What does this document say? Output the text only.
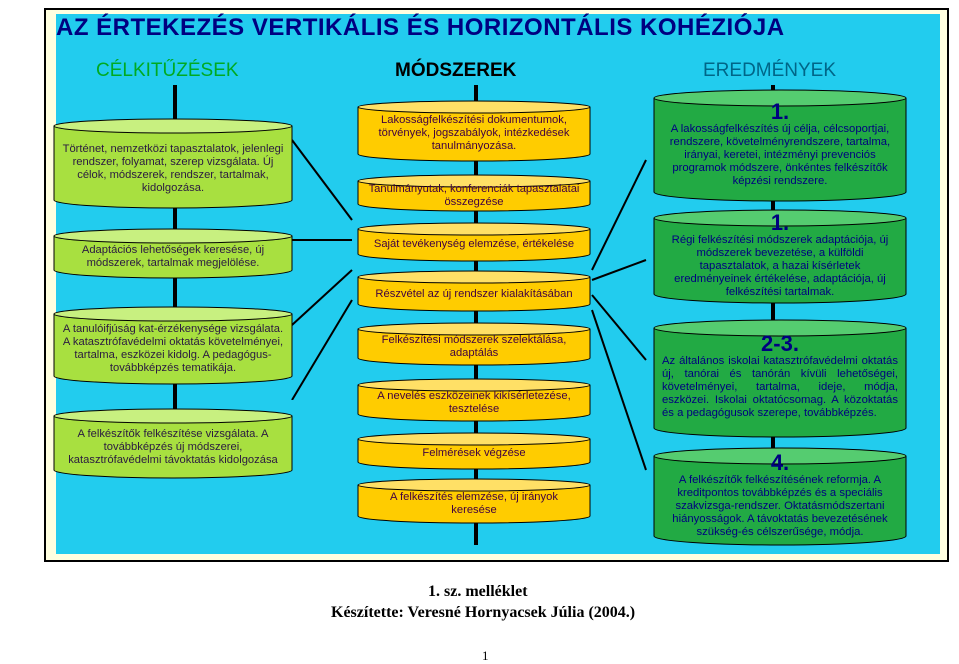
AZ ÉRTEKEZÉS VERTIKÁLIS ÉS HORIZONTÁLIS KOHÉZIÓJA
CÉLKITŰZÉSEK	MÓDSZEREK	EREDMÉNYEK
Történet, nemzetközi tapasztalatok, jelenlegi rendszer, folyamat, szerep vizsgálata. Új célok, módszerek, rendszer, tartalmak, kidolgozása.
Adaptációs lehetőségek keresése, új módszerek, tartalmak megjelölése.
A tanulóifjúság kat-érzékenysége vizsgálata. A katasztrófavédelmi oktatás követelményei, tartalma, eszközei kidolg. A pedagógus-továbbképzés tematikája.
A felkészítők felkészítése vizsgálata. A továbbképzés új módszerei, katasztrófavédelmi távoktatás kidolgozása
Lakosságfelkészítési dokumentumok, törvények, jogszabályok, intézkedések tanulmányozása.
Tanulmányutak, konferenciák tapasztalatai összegzése
Saját tevékenység elemzése, értékelése
Részvétel az új rendszer kialakításában
Felkészítési módszerek szelektálása, adaptálás
A nevelés eszközeinek kikísérletezése, tesztelése
Felmérések végzése
A felkészítés elemzése, új irányok keresése
1.
A lakosságfelkészítés új célja, célcsoportjai, rendszere, követelményrendszere, tartalma, irányai, keretei, intézményi prevenciós programok módszere, önkéntes felkészítők képzési rendszere.
1.
Régi felkészítési módszerek adaptációja, új módszerek bevezetése, a külföldi tapasztalatok, a hazai kísérletek eredményeinek értékelése, adaptációja, új felkészítési tartalmak.
2-3.
Az általános iskolai katasztrófavédelmi oktatás új, tanórai és tanórán kívüli lehetőségei, követelményei, tartalma, ideje, módja, eszközei. Iskolai oktatócsomag. A közoktatás és a pedagógusok szerepe, továbbképzés.
4.
A felkészítők felkészítésének reformja. A kreditpontos továbbképzés és a speciális szakvizsga-rendszer. Oktatásmódszertani hiányosságok. A távoktatás bevezetésének szükség-és célszerűsége, módja.
1. sz. melléklet
Készítette: Veresné Hornyacsek Júlia (2004.)
1
